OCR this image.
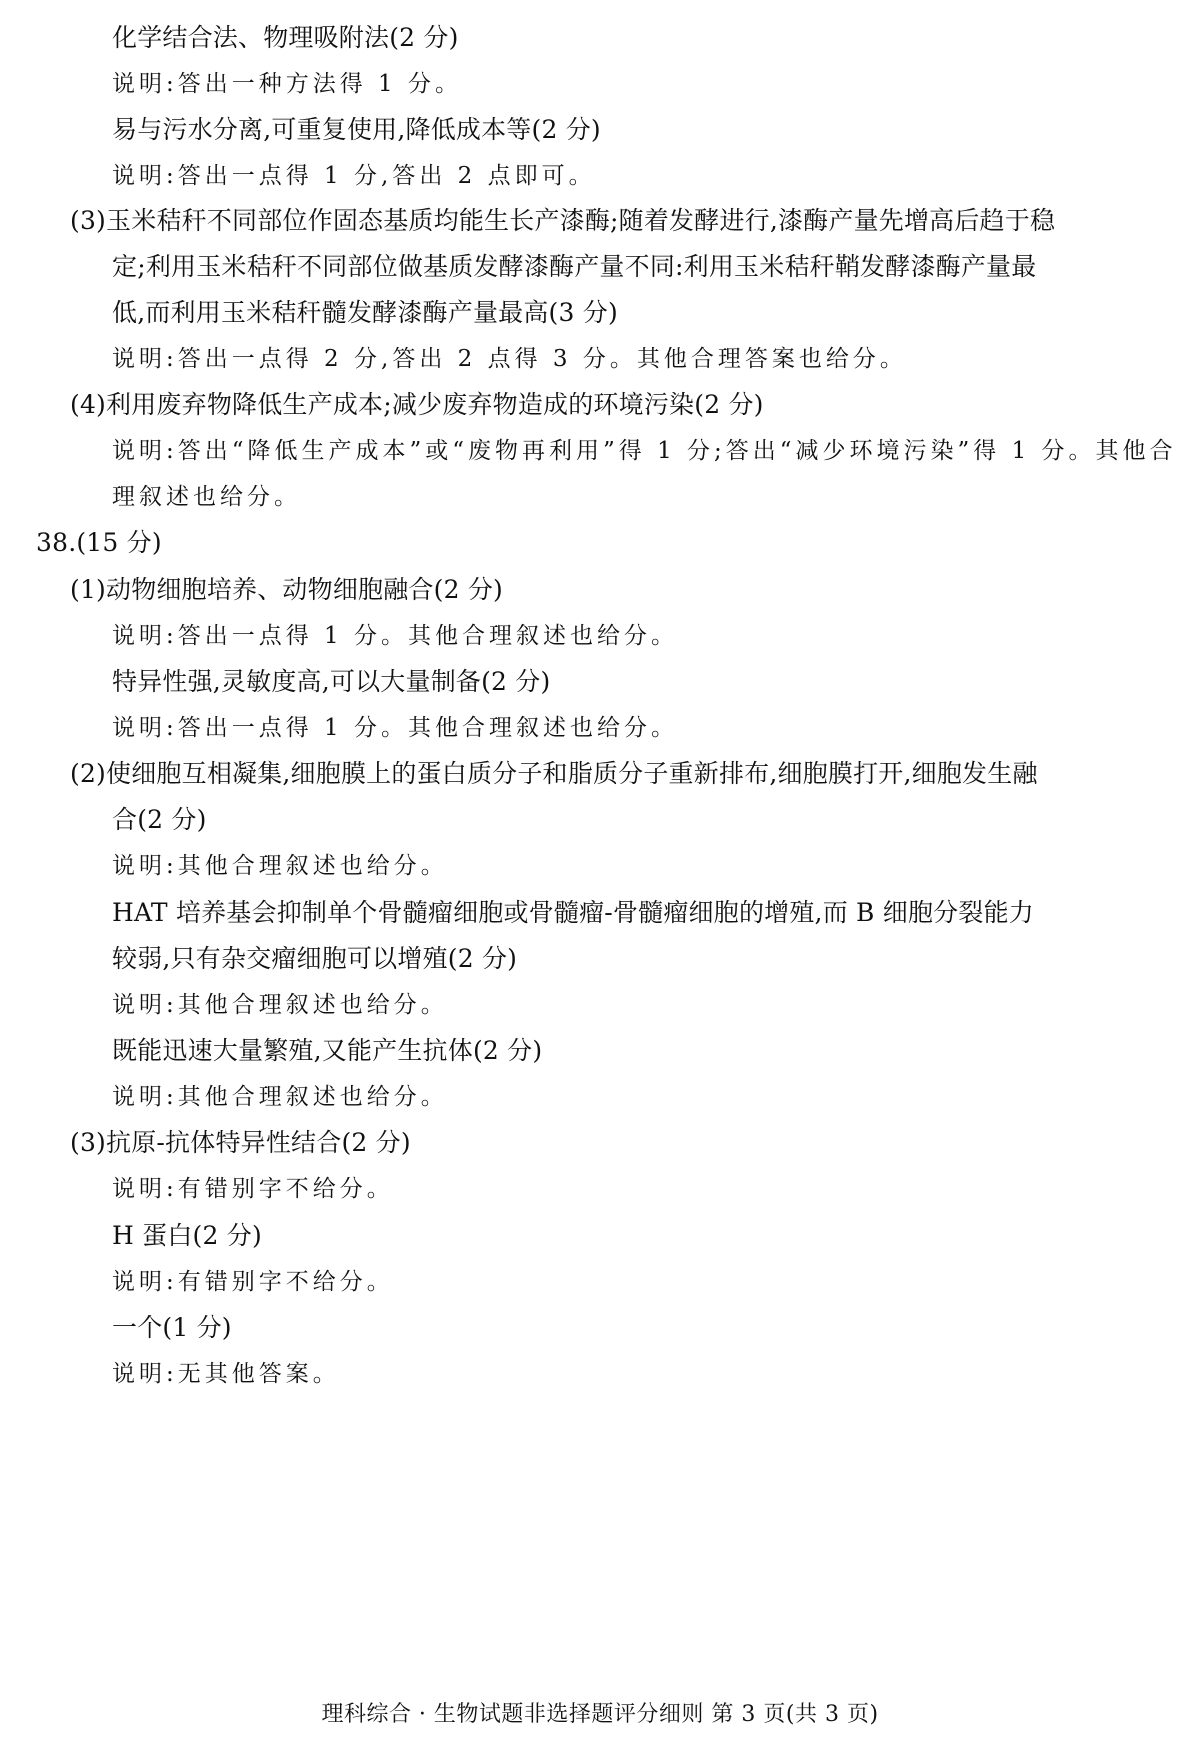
化学结合法、物理吸附法(2 分)
说明:答出一种方法得 1 分。
易与污水分离,可重复使用,降低成本等(2 分)
说明:答出一点得 1 分,答出 2 点即可。
(3)玉米秸秆不同部位作固态基质均能生长产漆酶;随着发酵进行,漆酶产量先增高后趋于稳
定;利用玉米秸秆不同部位做基质发酵漆酶产量不同:利用玉米秸秆鞘发酵漆酶产量最
低,而利用玉米秸秆髓发酵漆酶产量最高(3 分)
说明:答出一点得 2 分,答出 2 点得 3 分。其他合理答案也给分。
(4)利用废弃物降低生产成本;减少废弃物造成的环境污染(2 分)
说明:答出“降低生产成本”或“废物再利用”得 1 分;答出“减少环境污染”得 1 分。其他合
理叙述也给分。
38.(15 分)
(1)动物细胞培养、动物细胞融合(2 分)
说明:答出一点得 1 分。其他合理叙述也给分。
特异性强,灵敏度高,可以大量制备(2 分)
说明:答出一点得 1 分。其他合理叙述也给分。
(2)使细胞互相凝集,细胞膜上的蛋白质分子和脂质分子重新排布,细胞膜打开,细胞发生融
合(2 分)
说明:其他合理叙述也给分。
HAT 培养基会抑制单个骨髓瘤细胞或骨髓瘤-骨髓瘤细胞的增殖,而 B 细胞分裂能力
较弱,只有杂交瘤细胞可以增殖(2 分)
说明:其他合理叙述也给分。
既能迅速大量繁殖,又能产生抗体(2 分)
说明:其他合理叙述也给分。
(3)抗原-抗体特异性结合(2 分)
说明:有错别字不给分。
H 蛋白(2 分)
说明:有错别字不给分。
一个(1 分)
说明:无其他答案。
理科综合 · 生物试题非选择题评分细则 第 3 页(共 3 页)
